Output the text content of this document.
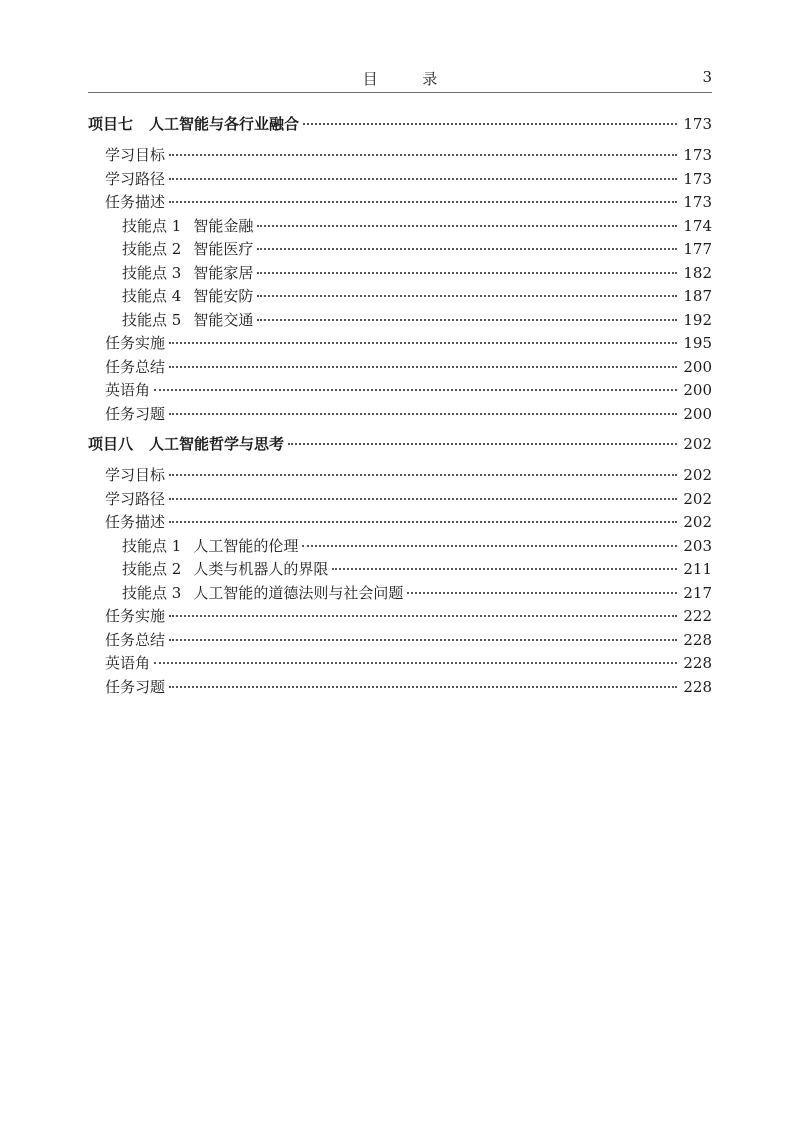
目 录	3
项目七 人工智能与各行业融合	173
学习目标	173
学习路径	173
任务描述	173
技能点 1 智能金融	174
技能点 2 智能医疗	177
技能点 3 智能家居	182
技能点 4 智能安防	187
技能点 5 智能交通	192
任务实施	195
任务总结	200
英语角	200
任务习题	200
项目八 人工智能哲学与思考	202
学习目标	202
学习路径	202
任务描述	202
技能点 1 人工智能的伦理	203
技能点 2 人类与机器人的界限	211
技能点 3 人工智能的道德法则与社会问题	217
任务实施	222
任务总结	228
英语角	228
任务习题	228
